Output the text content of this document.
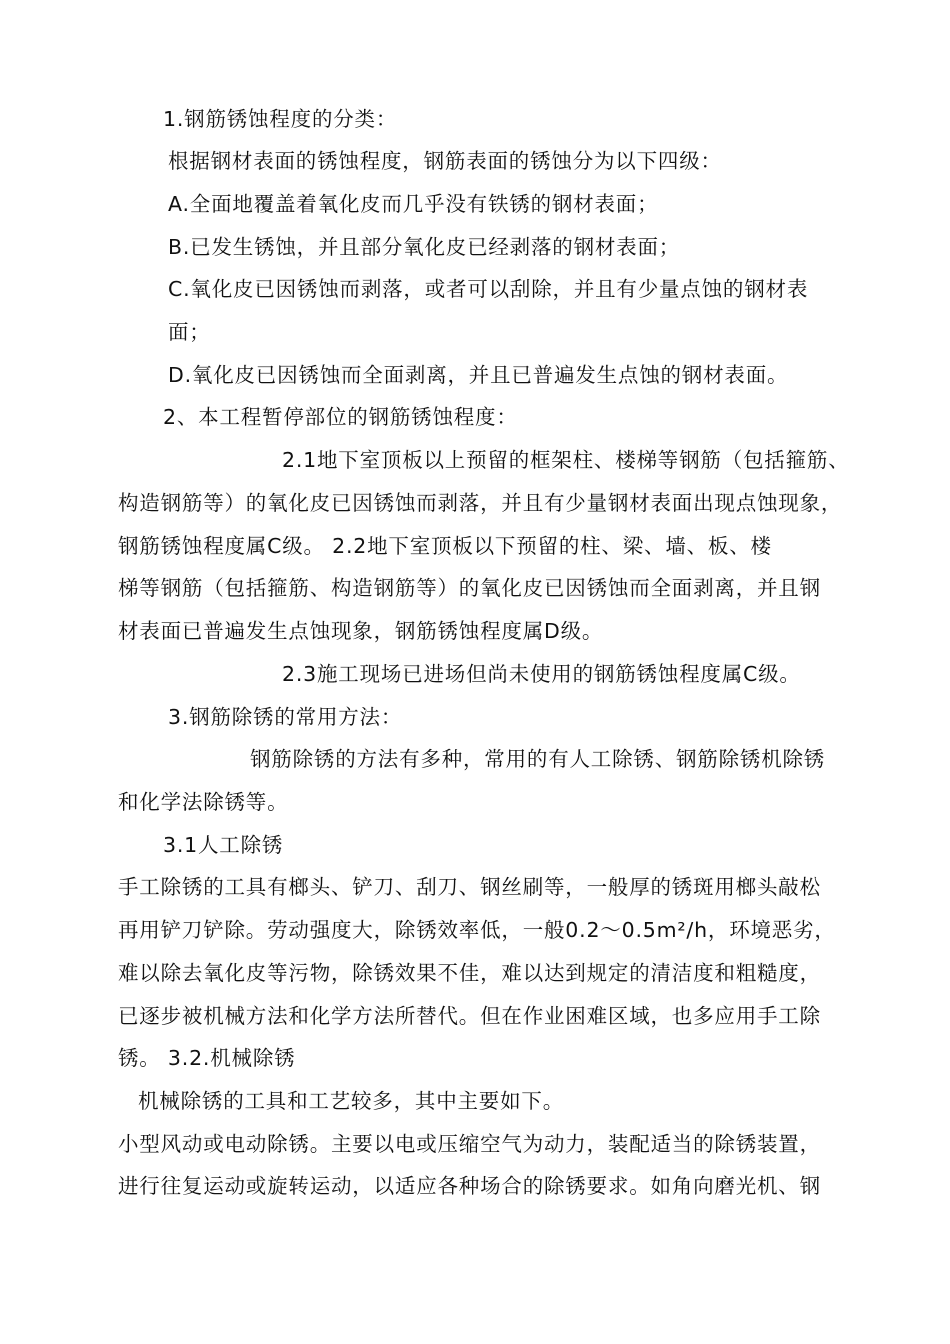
1.钢筋锈蚀程度的分类：
根据钢材表面的锈蚀程度，钢筋表面的锈蚀分为以下四级：
A.全面地覆盖着氧化皮而几乎没有铁锈的钢材表面；
B.已发生锈蚀，并且部分氧化皮已经剥落的钢材表面；
C.氧化皮已因锈蚀而剥落，或者可以刮除，并且有少量点蚀的钢材表
面；
D.氧化皮已因锈蚀而全面剥离，并且已普遍发生点蚀的钢材表面。
2、本工程暂停部位的钢筋锈蚀程度：
2.1地下室顶板以上预留的框架柱、楼梯等钢筋（包括箍筋、
构造钢筋等）的氧化皮已因锈蚀而剥落，并且有少量钢材表面出现点蚀现象，
钢筋锈蚀程度属C级。 2.2地下室顶板以下预留的柱、梁、墙、板、楼
梯等钢筋（包括箍筋、构造钢筋等）的氧化皮已因锈蚀而全面剥离，并且钢
材表面已普遍发生点蚀现象，钢筋锈蚀程度属D级。
2.3施工现场已进场但尚未使用的钢筋锈蚀程度属C级。
3.钢筋除锈的常用方法：
钢筋除锈的方法有多种，常用的有人工除锈、钢筋除锈机除锈
和化学法除锈等。
3.1人工除锈
手工除锈的工具有榔头、铲刀、刮刀、钢丝刷等，一般厚的锈斑用榔头敲松
再用铲刀铲除。劳动强度大，除锈效率低，一般0.2～0.5m²/h，环境恶劣，
难以除去氧化皮等污物，除锈效果不佳，难以达到规定的清洁度和粗糙度，
已逐步被机械方法和化学方法所替代。但在作业困难区域，也多应用手工除
锈。 3.2.机械除锈
机械除锈的工具和工艺较多，其中主要如下。
小型风动或电动除锈。主要以电或压缩空气为动力，装配适当的除锈装置，
进行往复运动或旋转运动，以适应各种场合的除锈要求。如角向磨光机、钢
